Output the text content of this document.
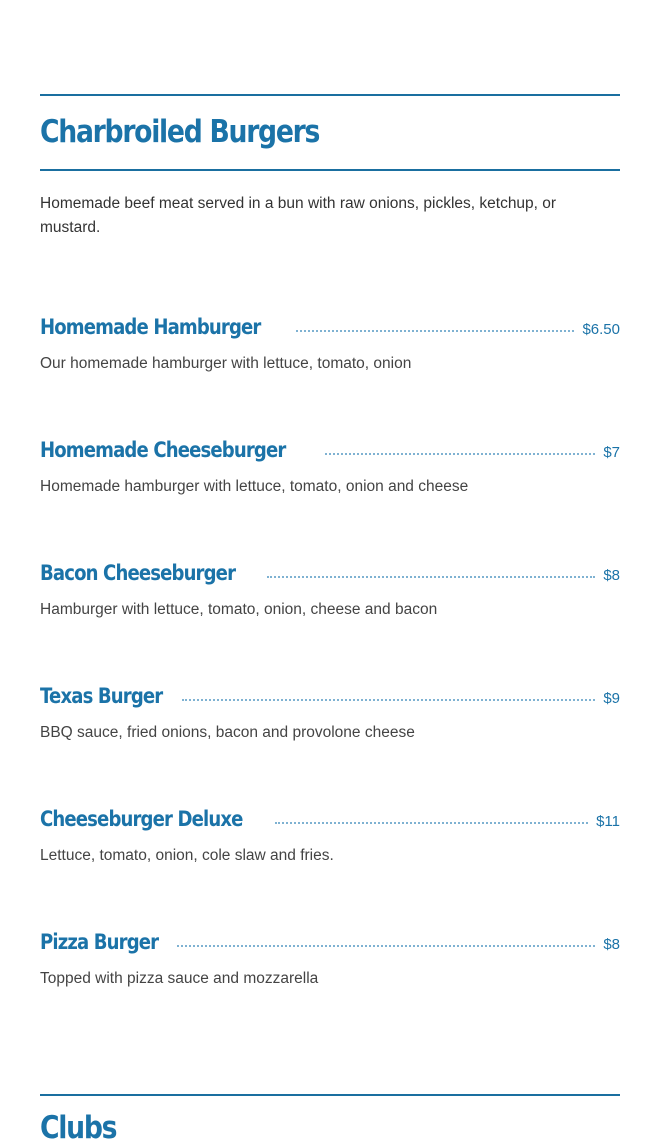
Charbroiled Burgers
Homemade beef meat served in a bun with raw onions, pickles, ketchup, or mustard.
Homemade Hamburger	$6.50
Our homemade hamburger with lettuce, tomato, onion
Homemade Cheeseburger	$7
Homemade hamburger with lettuce, tomato, onion and cheese
Bacon Cheeseburger	$8
Hamburger with lettuce, tomato, onion, cheese and bacon
Texas Burger	$9
BBQ sauce, fried onions, bacon and provolone cheese
Cheeseburger Deluxe	$11
Lettuce, tomato, onion, cole slaw and fries.
Pizza Burger	$8
Topped with pizza sauce and mozzarella
Clubs
